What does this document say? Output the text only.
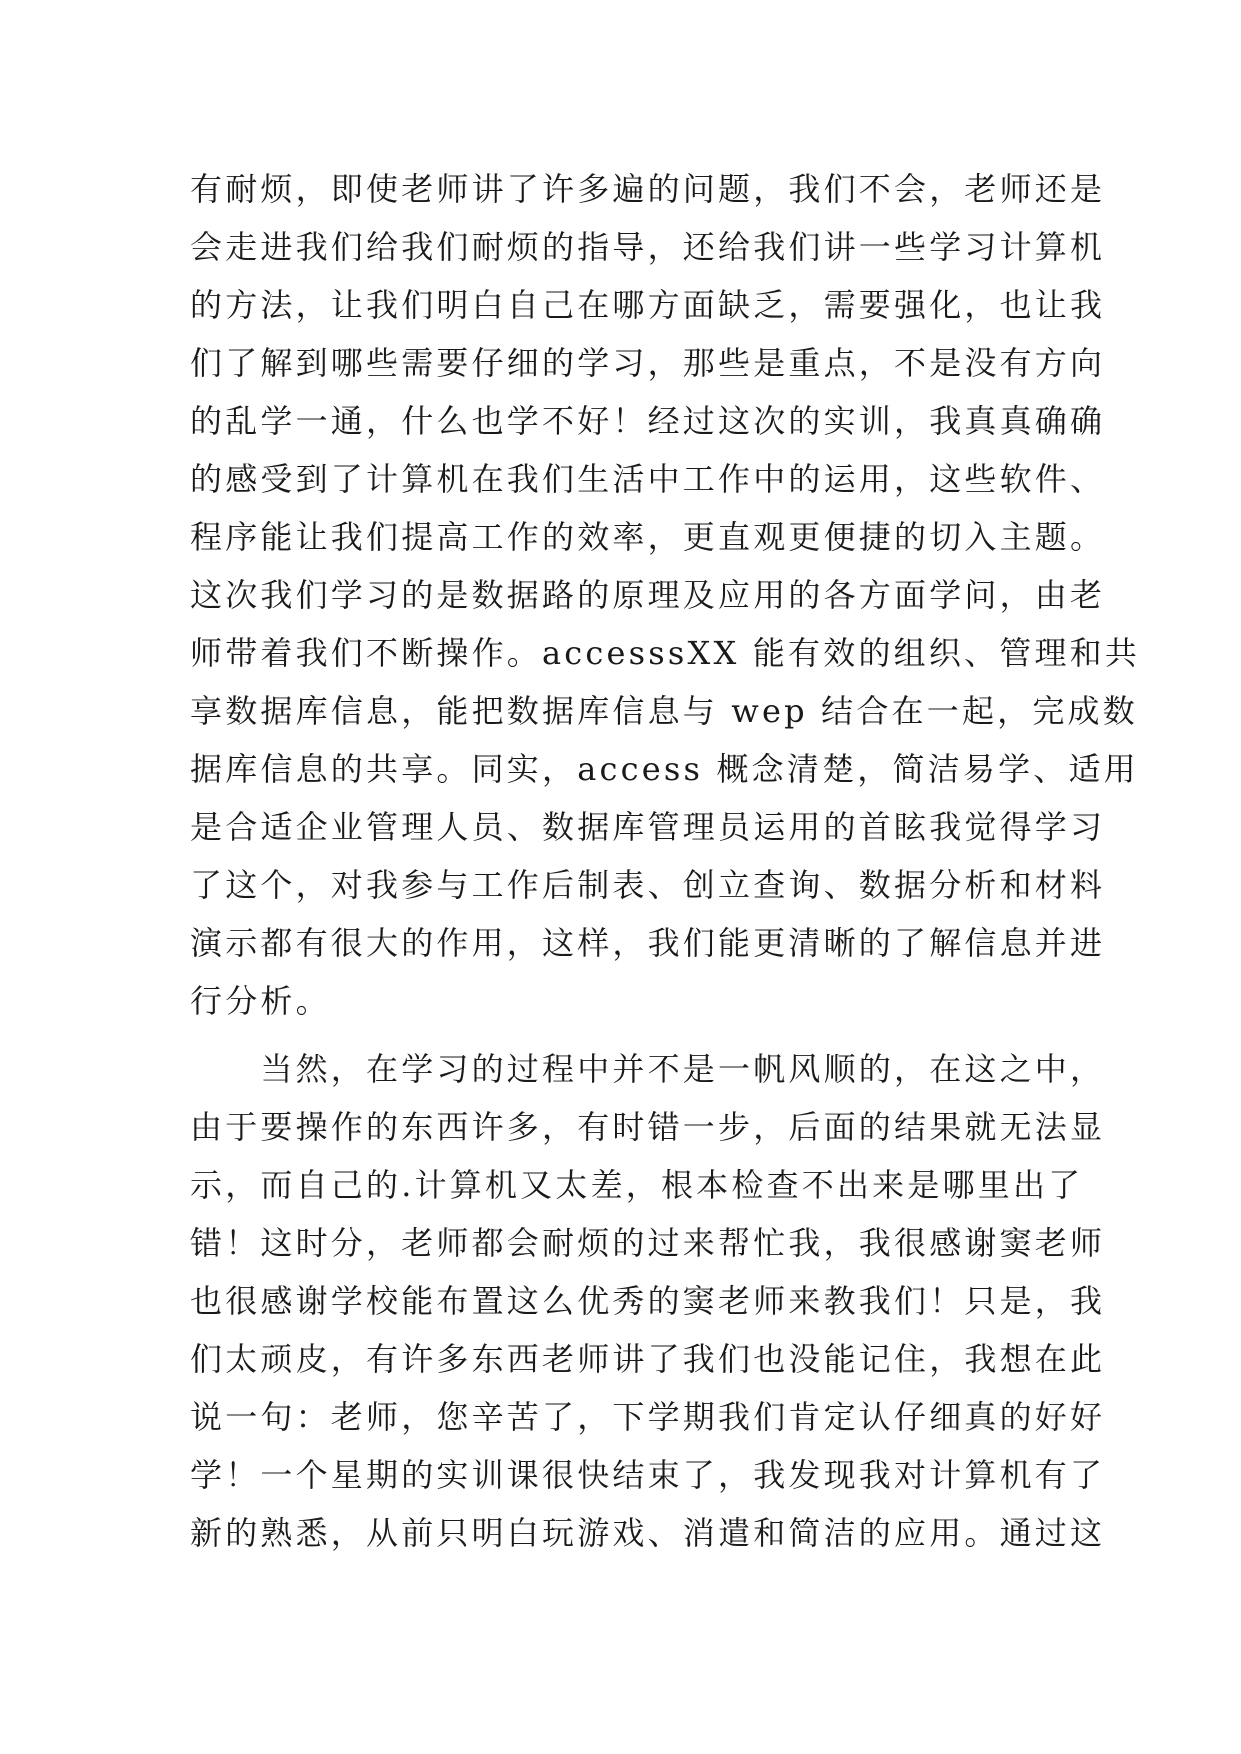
有耐烦，即使老师讲了许多遍的问题，我们不会，老师还是
会走进我们给我们耐烦的指导，还给我们讲一些学习计算机
的方法，让我们明白自己在哪方面缺乏，需要强化，也让我
们了解到哪些需要仔细的学习，那些是重点，不是没有方向
的乱学一通，什么也学不好！经过这次的实训，我真真确确
的感受到了计算机在我们生活中工作中的运用，这些软件、
程序能让我们提高工作的效率，更直观更便捷的切入主题。
这次我们学习的是数据路的原理及应用的各方面学问，由老
师带着我们不断操作。accesssXX 能有效的组织、管理和共
享数据库信息，能把数据库信息与 wep 结合在一起，完成数
据库信息的共享。同实，access 概念清楚，简洁易学、适用
是合适企业管理人员、数据库管理员运用的首眩我觉得学习
了这个，对我参与工作后制表、创立查询、数据分析和材料
演示都有很大的作用，这样，我们能更清晰的了解信息并进
行分析。
　　当然，在学习的过程中并不是一帆风顺的，在这之中，
由于要操作的东西许多，有时错一步，后面的结果就无法显
示，而自己的.计算机又太差，根本检查不出来是哪里出了
错！这时分，老师都会耐烦的过来帮忙我，我很感谢窦老师
也很感谢学校能布置这么优秀的窦老师来教我们！只是，我
们太顽皮，有许多东西老师讲了我们也没能记住，我想在此
说一句：老师，您辛苦了，下学期我们肯定认仔细真的好好
学！一个星期的实训课很快结束了，我发现我对计算机有了
新的熟悉，从前只明白玩游戏、消遣和简洁的应用。通过这
